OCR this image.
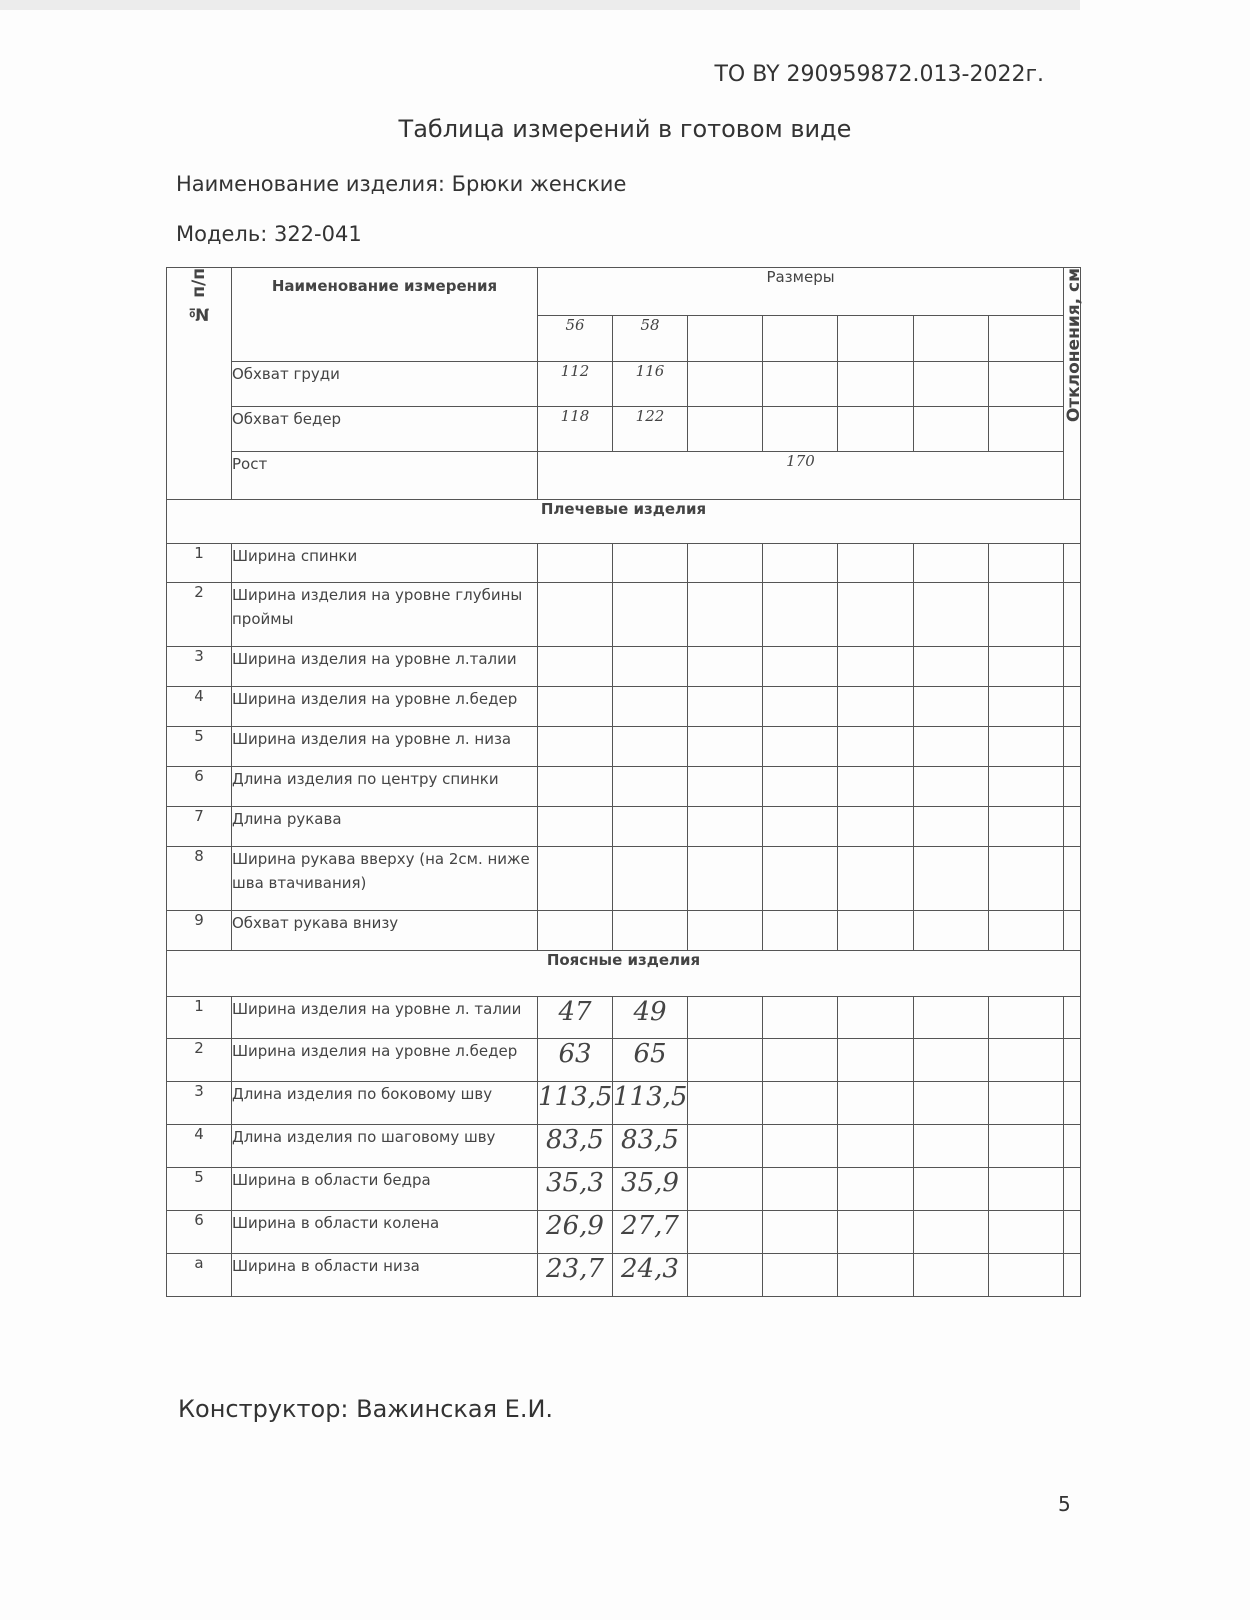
ТО BY 290959872.013-2022г.
Таблица измерений в готовом виде
Наименование изделия: Брюки женские
Модель: 322-041
№ п/п	Наименование измерения	Размеры							Отклонения, см
		56	58						
	Обхват груди	112	116						
	Обхват бедер	118	122						
	Рост	170							
Плечевые изделия									
1	Ширина спинки								
2	Ширина изделия на уровне глубины проймы								
3	Ширина изделия на уровне л.талии								
4	Ширина изделия на уровне л.бедер								
5	Ширина изделия на уровне л. низа								
6	Длина изделия по центру спинки								
7	Длина рукава								
8	Ширина рукава вверху (на 2см. ниже шва втачивания)								
9	Обхват рукава внизу								
Поясные изделия									
1	Ширина изделия на уровне л. талии	47	49						
2	Ширина изделия на уровне л.бедер	63	65						
3	Длина изделия по боковому шву	113,5	113,5						
4	Длина изделия по шаговому шву	83,5	83,5						
5	Ширина в области бедра	35,3	35,9						
6	Ширина в области колена	26,9	27,7						
а	Ширина в области низа	23,7	24,3						
Конструктор: Важинская Е.И.
5
